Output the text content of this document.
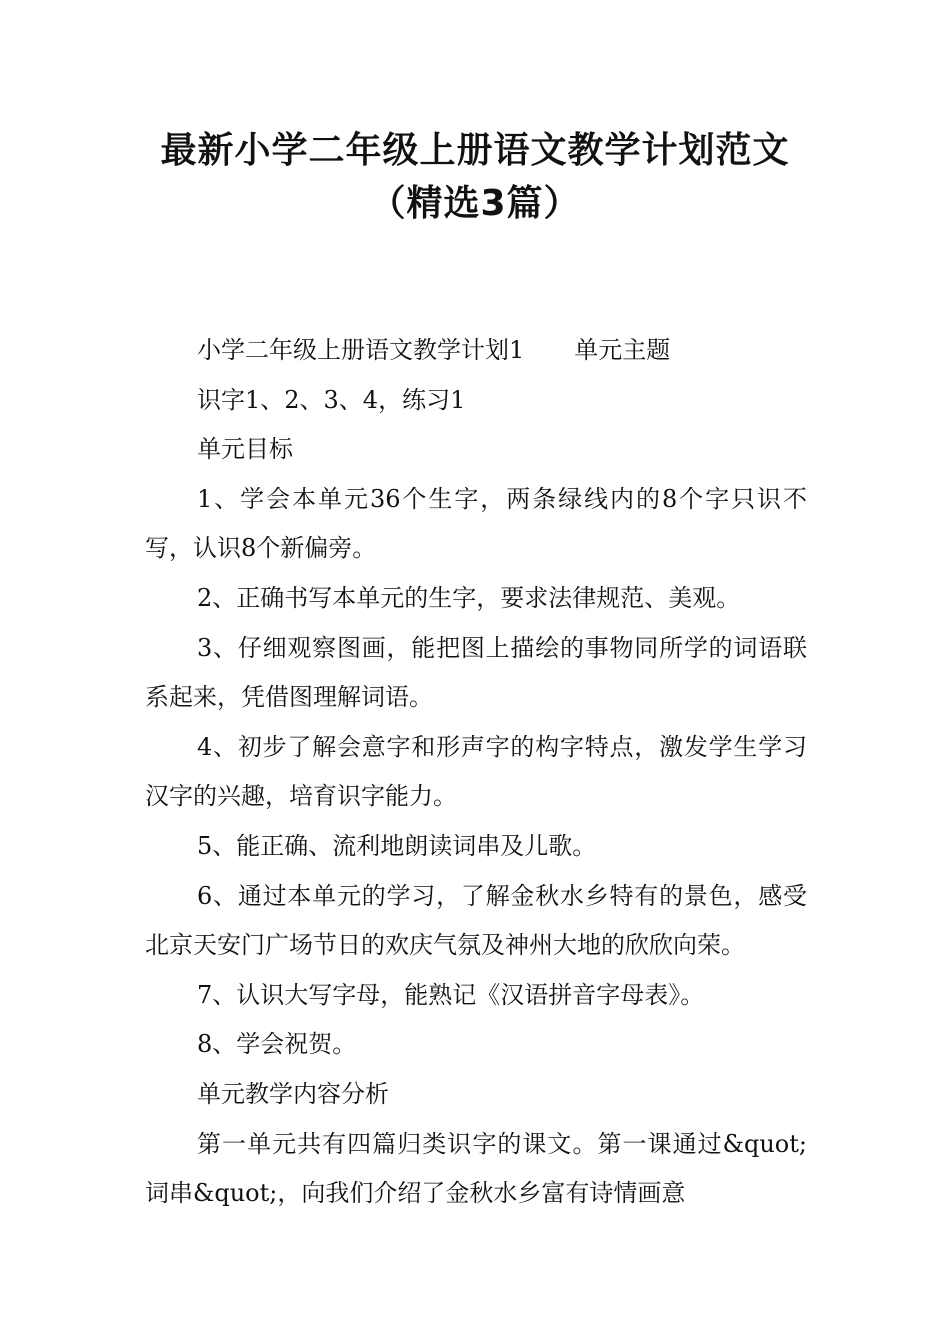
最新小学二年级上册语文教学计划范文
（精选3篇）

小学二年级上册语文教学计划1 单元主题

识字1、2、3、4，练习1

单元目标

1、学会本单元36个生字，两条绿线内的8个字只识不写，认识8个新偏旁。

2、正确书写本单元的生字，要求法律规范、美观。

3、仔细观察图画，能把图上描绘的事物同所学的词语联系起来，凭借图理解词语。

4、初步了解会意字和形声字的构字特点，激发学生学习汉字的兴趣，培育识字能力。

5、能正确、流利地朗读词串及儿歌。

6、通过本单元的学习，了解金秋水乡特有的景色，感受北京天安门广场节日的欢庆气氛及神州大地的欣欣向荣。

7、认识大写字母，能熟记《汉语拼音字母表》。

8、学会祝贺。

单元教学内容分析

第一单元共有四篇归类识字的课文。第一课通过&quot;词串&quot;，向我们介绍了金秋水乡富有诗情画意
